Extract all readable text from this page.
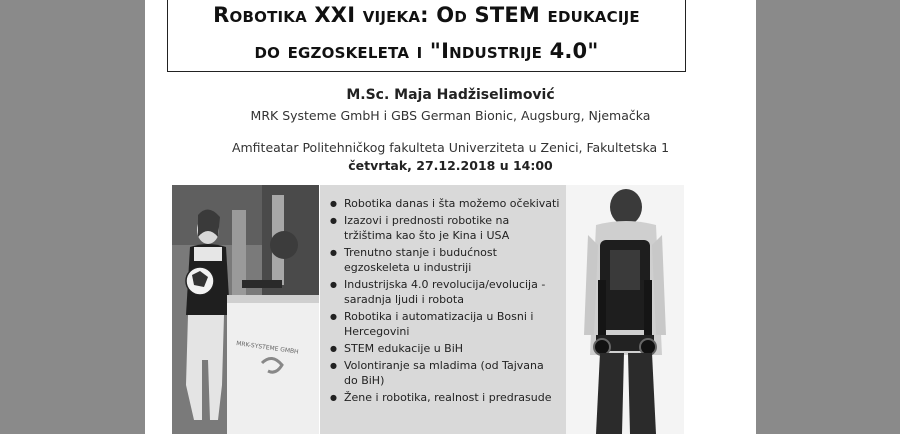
Robotika XXI vijeka: Od STEM edukacije
do egzoskeleta i "Industrije 4.0"
M.Sc. Maja Hadžiselimović
MRK Systeme GmbH i GBS German Bionic, Augsburg, Njemačka
Amfiteatar Politehničkog fakulteta Univerziteta u Zenici, Fakultetska 1
četvrtak, 27.12.2018 u 14:00
MRK-SYSTEME GMBH
● Robotika danas i šta možemo očekivati
● Izazovi i prednosti robotike na tržištima kao što je Kina i USA
● Trenutno stanje i budućnost egzoskeleta u industriji
● Industrijska 4.0 revolucija/evolucija - saradnja ljudi i robota
● Robotika i automatizacija u Bosni i Hercegovini
● STEM edukacije u BiH
● Volontiranje sa mladima (od Tajvana do BiH)
● Žene i robotika, realnost i predrasude
